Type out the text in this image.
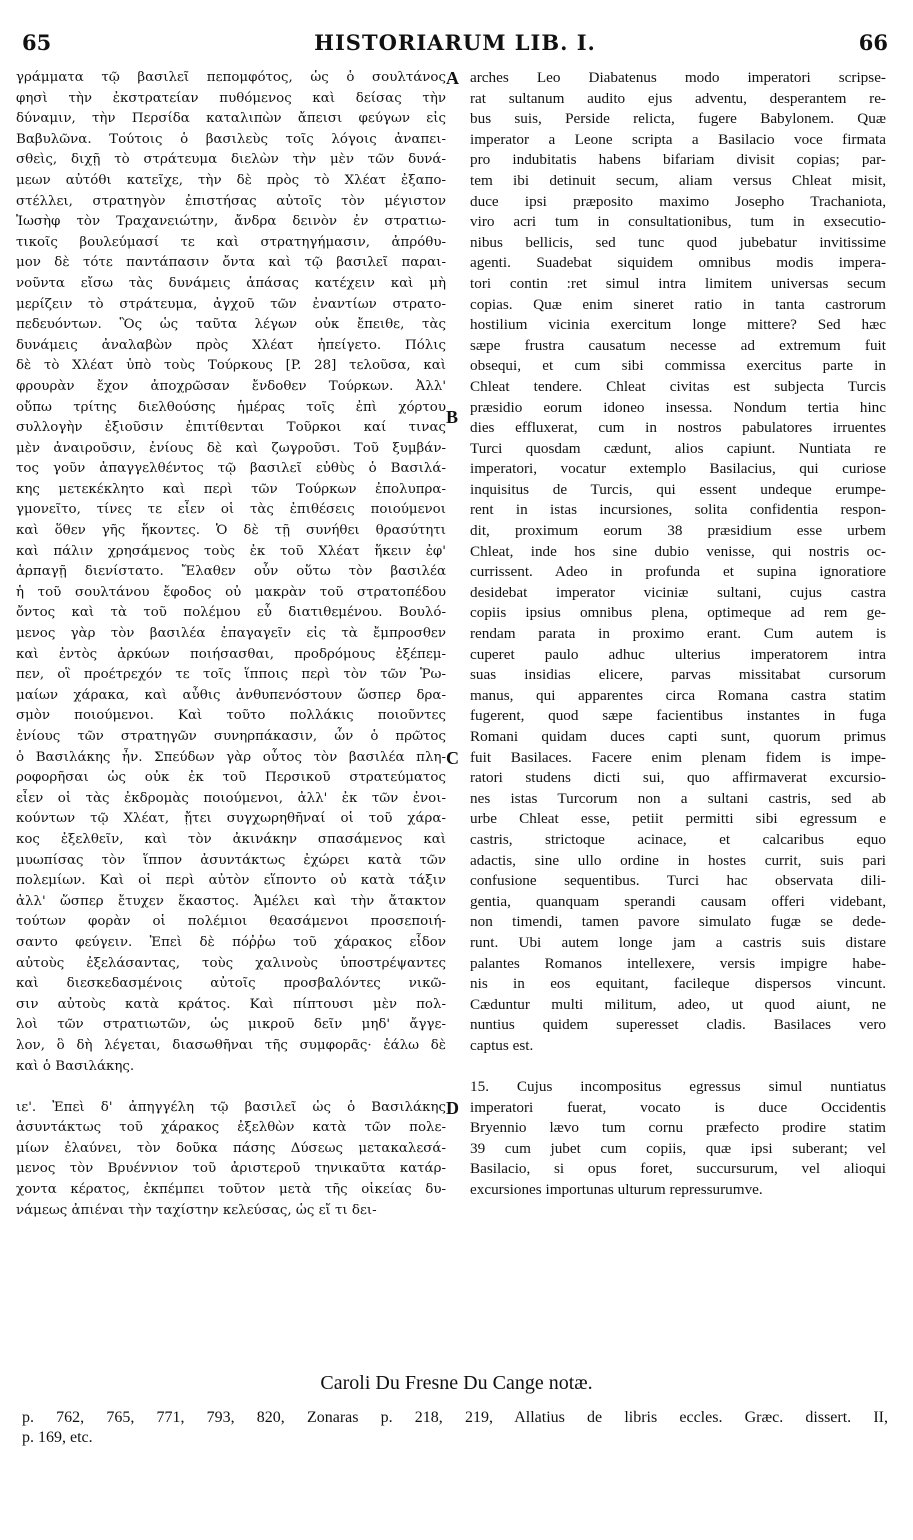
65	HISTORIARUM LIB. I.	66
γράμματα τῷ βασιλεῖ πεπομφότος, ὡς ὁ σουλτάνος
φησὶ τὴν ἐκστρατείαν πυθόμενος καὶ δείσας τὴν
δύναμιν, τὴν Περσίδα καταλιπὼν ἄπεισι φεύγων εἰς
Βαβυλῶνα. Τούτοις ὁ βασιλεὺς τοῖς λόγοις ἀναπει-
σθεὶς, διχῇ τὸ στράτευμα διελὼν τὴν μὲν τῶν δυνά-
μεων αὐτόθι κατεῖχε, τὴν δὲ πρὸς τὸ Χλέατ ἐξαπο-
στέλλει, στρατηγὸν ἐπιστήσας αὐτοῖς τὸν μέγιστον
Ἰωσὴφ τὸν Τραχανειώτην, ἄνδρα δεινὸν ἐν στρατιω-
τικοῖς βουλεύμασί τε καὶ στρατηγήμασιν, ἀπρόθυ-
μον δὲ τότε παντάπασιν ὄντα καὶ τῷ βασιλεῖ παραι-
νοῦντα εἴσω τὰς δυνάμεις ἁπάσας κατέχειν καὶ μὴ
μερίζειν τὸ στράτευμα, ἀγχοῦ τῶν ἐναντίων στρατο-
πεδευόντων. Ὃς ὡς ταῦτα λέγων οὐκ ἔπειθε, τὰς
δυνάμεις ἀναλαβὼν πρὸς Χλέατ ἠπείγετο. Πόλις
δὲ τὸ Χλέατ ὑπὸ τοὺς Τούρκους [P. 28] τελοῦσα, καὶ
φρουρὰν ἔχον ἀποχρῶσαν ἔνδοθεν Τούρκων. Ἀλλ'
οὔπω τρίτης διελθούσης ἡμέρας τοῖς ἐπὶ χόρτου
συλλογὴν ἐξιοῦσιν ἐπιτίθενται Τοῦρκοι καί τινας
μὲν ἀναιροῦσιν, ἐνίους δὲ καὶ ζωγροῦσι. Τοῦ ξυμβάν-
τος γοῦν ἀπαγγελθέντος τῷ βασιλεῖ εὐθὺς ὁ Βασιλά-
κης μετεκέκλητο καὶ περὶ τῶν Τούρκων ἐπολυπρα-
γμονεῖτο, τίνες τε εἶεν οἱ τὰς ἐπιθέσεις ποιούμενοι
καὶ ὅθεν γῆς ἥκοντες. Ὁ δὲ τῇ συνήθει θρασύτητι
καὶ πάλιν χρησάμενος τοὺς ἐκ τοῦ Χλέατ ἥκειν ἐφ'
ἁρπαγῇ διενίστατο. Ἔλαθεν οὖν οὕτω τὸν βασιλέα
ἡ τοῦ σουλτάνου ἔφοδος οὐ μακρὰν τοῦ στρατοπέδου
ὄντος καὶ τὰ τοῦ πολέμου εὖ διατιθεμένου. Βουλό-
μενος γὰρ τὸν βασιλέα ἐπαγαγεῖν εἰς τὰ ἔμπροσθεν
καὶ ἐντὸς ἀρκύων ποιήσασθαι, προδρόμους ἐξέπεμ-
πεν, οἳ προέτρεχόν τε τοῖς ἵπποις περὶ τὸν τῶν Ῥω-
μαίων χάρακα, καὶ αὖθις ἀνθυπενόστουν ὥσπερ δρα-
σμὸν ποιούμενοι. Καὶ τοῦτο πολλάκις ποιοῦντες
ἐνίους τῶν στρατηγῶν συνηρπάκασιν, ὧν ὁ πρῶτος
ὁ Βασιλάκης ἦν. Σπεύδων γὰρ οὗτος τὸν βασιλέα πλη-
ροφορῆσαι ὡς οὐκ ἐκ τοῦ Περσικοῦ στρατεύματος
εἶεν οἱ τὰς ἐκδρομὰς ποιούμενοι, ἀλλ' ἐκ τῶν ἐνοι-
κούντων τῷ Χλέατ, ᾔτει συγχωρηθῆναί οἱ τοῦ χάρα-
κος ἐξελθεῖν, καὶ τὸν ἀκινάκην σπασάμενος καὶ
μυωπίσας τὸν ἵππον ἀσυντάκτως ἐχώρει κατὰ τῶν
πολεμίων. Καὶ οἱ περὶ αὐτὸν εἵποντο οὐ κατὰ τάξιν
ἀλλ' ὥσπερ ἔτυχεν ἕκαστος. Ἀμέλει καὶ τὴν ἄτακτον
τούτων φορὰν οἱ πολέμιοι θεασάμενοι προσεποιή-
σαντο φεύγειν. Ἐπεὶ δὲ πόῤῥω τοῦ χάρακος εἶδον
αὐτοὺς ἐξελάσαντας, τοὺς χαλινοὺς ὑποστρέψαντες
καὶ διεσκεδασμένοις αὐτοῖς προσβαλόντες νικῶ-
σιν αὐτοὺς κατὰ κράτος. Καὶ πίπτουσι μὲν πολ-
λοὶ τῶν στρατιωτῶν, ὡς μικροῦ δεῖν μηδ' ἄγγε-
λον, ὃ δὴ λέγεται, διασωθῆναι τῆς συμφορᾶς· ἑάλω δὲ
καὶ ὁ Βασιλάκης.
ιε'. Ἐπεὶ δ' ἀπηγγέλη τῷ βασιλεῖ ὡς ὁ Βασιλάκης
ἀσυντάκτως τοῦ χάρακος ἐξελθὼν κατὰ τῶν πολε-
μίων ἐλαύνει, τὸν δοῦκα πάσης Δύσεως μετακαλεσά-
μενος τὸν Βρυέννιον τοῦ ἀριστεροῦ τηνικαῦτα κατάρ-
χοντα κέρατος, ἐκπέμπει τοῦτον μετὰ τῆς οἰκείας δυ-
νάμεως ἀπιέναι τὴν ταχίστην κελεύσας, ὡς εἴ τι δει-
arches Leo Diabatenus modo imperatori scripse-
rat sultanum audito ejus adventu, desperantem re-
bus suis, Perside relicta, fugere Babylonem. Quæ
imperator a Leone scripta a Basilacio voce firmata
pro indubitatis habens bifariam divisit copias; par-
tem ibi detinuit secum, aliam versus Chleat misit,
duce ipsi præposito maximo Josepho Trachaniota,
viro acri tum in consultationibus, tum in exsecutio-
nibus bellicis, sed tunc quod jubebatur invitissime
agenti. Suadebat siquidem omnibus modis impera-
tori contin :ret simul intra limitem universas secum
copias. Quæ enim sineret ratio in tanta castrorum
hostilium vicinia exercitum longe mittere? Sed hæc
sæpe frustra causatum necesse ad extremum fuit
obsequi, et cum sibi commissa exercitus parte in
Chleat tendere. Chleat civitas est subjecta Turcis
præsidio eorum idoneo insessa. Nondum tertia hinc
dies effluxerat, cum in nostros pabulatores irruentes
Turci quosdam cædunt, alios capiunt. Nuntiata re
imperatori, vocatur extemplo Basilacius, qui curiose
inquisitus de Turcis, qui essent undeque erumpe-
rent in istas incursiones, solita confidentia respon-
dit, proximum eorum 38 præsidium esse urbem
Chleat, inde hos sine dubio venisse, qui nostris oc-
currissent. Adeo in profunda et supina ignoratiore
desidebat imperator viciniæ sultani, cujus castra
copiis ipsius omnibus plena, optimeque ad rem ge-
rendam parata in proximo erant. Cum autem is
cuperet paulo adhuc ulterius imperatorem intra
suas insidias elicere, parvas missitabat cursorum
manus, qui apparentes circa Romana castra statim
fugerent, quod sæpe facientibus instantes in fuga
Romani quidam duces capti sunt, quorum primus
fuit Basilaces. Facere enim plenam fidem is impe-
ratori studens dicti sui, quo affirmaverat excursio-
nes istas Turcorum non a sultani castris, sed ab
urbe Chleat esse, petiit permitti sibi egressum e
castris, strictoque acinace, et calcaribus equo
adactis, sine ullo ordine in hostes currit, suis pari
confusione sequentibus. Turci hac observata dili-
gentia, quanquam sperandi causam offeri videbant,
non timendi, tamen pavore simulato fugæ se dede-
runt. Ubi autem longe jam a castris suis distare
palantes Romanos intellexere, versis impigre habe-
nis in eos equitant, facileque dispersos vincunt.
Cæduntur multi militum, adeo, ut quod aiunt, ne
nuntius quidem superesset cladis. Basilaces vero
captus est.
15. Cujus incompositus egressus simul nuntiatus
imperatori fuerat, vocato is duce Occidentis
Bryennio lævo tum cornu præfecto prodire statim
39 cum jubet cum copiis, quæ ipsi suberant; vel
Basilacio, si opus foret, succursurum, vel alioqui
excursiones importunas ulturum repressurumve.
A
B
C
D
Caroli Du Fresne Du Cange notæ.
p. 762, 765, 771, 793, 820, Zonaras p. 218, 219, Allatius de libris eccles. Græc. dissert. II,
p. 169, etc.
